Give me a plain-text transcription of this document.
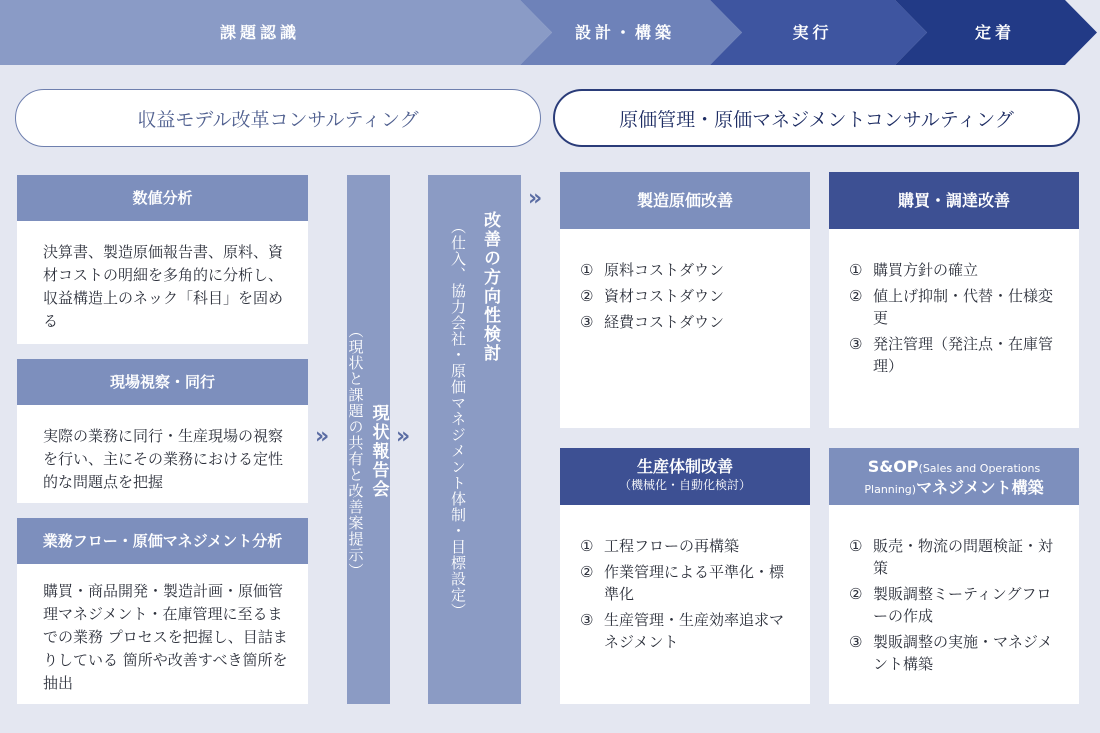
課題認識	設計・構築	実行	定着
収益モデル改革コンサルティング	原価管理・原価マネジメントコンサルティング
数値分析
決算書、製造原価報告書、原料、資材コストの明細を多角的に分析し、収益構造上のネック「科目」を固める
現場視察・同行
実際の業務に同行・生産現場の視察を行い、主にその業務における定性的な問題点を把握
業務フロー・原価マネジメント分析
購買・商品開発・製造計画・原価管理マネジメント・在庫管理に至るまでの業務 プロセスを把握し、目詰まりしている 箇所や改善すべき箇所を抽出
»	»
»
現状報告会
（現状と課題の共有と改善案提示）
改善の方向性検討
（仕入、協力会社・原価マネジメント体制・目標設定）
製造原価改善
① 原料コストダウン
② 資材コストダウン
③ 経費コストダウン
購買・調達改善
① 購買方針の確立
② 値上げ抑制・代替・仕様変更
③ 発注管理（発注点・在庫管理）
生産体制改善
（機械化・自動化検討）
① 工程フローの再構築
② 作業管理による平準化・標準化
③ 生産管理・生産効率追求マネジメント
S&OP(Sales and Operations
Planning)マネジメント構築
① 販売・物流の問題検証・対策
② 製販調整ミーティングフローの作成
③ 製販調整の実施・マネジメント構築
